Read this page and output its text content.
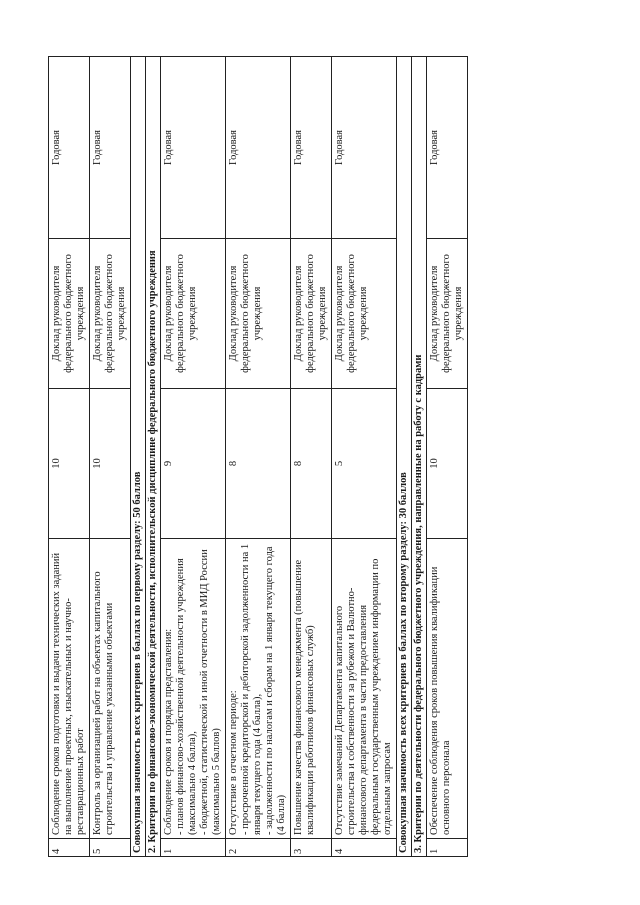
4	Соблюдение сроков подготовки и выдачи технических заданий на выполнение проектных, изыскательных и научно-реставрационных работ	10	Доклад руководителя федерального бюджетного учреждения	Годовая
5	Контроль за организацией работ на объектах капитального строительства и управление указанными объектами	10	Доклад руководителя федерального бюджетного учреждения	Годовая
Совокупная значимость всех критериев в баллах по первому разделу: 50 баллов				
2. Критерии по финансово-экономической деятельности, исполнительской дисциплине федерального бюджетного учреждения				
1	Соблюдение сроков и порядка представления: - планов финансово-хозяйственной деятельности учреждения (максимально 4 балла), - бюджетной, статистической и иной отчетности в МИД России (максимально 5 баллов)	9	Доклад руководителя федерального бюджетного учреждения	Годовая
2	Отсутствие в отчетном периоде: - просроченной кредиторской и дебиторской задолженности на 1 января текущего года (4 балла), - задолженности по налогам и сборам на 1 января текущего года (4 балла)	8	Доклад руководителя федерального бюджетного учреждения	Годовая
3	Повышение качества финансового менеджмента (повышение квалификации работников финансовых служб)	8	Доклад руководителя федерального бюджетного учреждения	Годовая
4	Отсутствие замечаний Департамента капитального строительства и собственности за рубежом и Валютно-финансового департамента в части предоставления федеральным государственным учреждением информации по отдельным запросам	5	Доклад руководителя федерального бюджетного учреждения	Годовая
Совокупная значимость всех критериев в баллах по второму разделу: 30 баллов				
3. Критерии по деятельности федерального бюджетного учреждения, направленные на работу с кадрами				
1	Обеспечение соблюдения сроков повышения квалификации основного персонала	10	Доклад руководителя федерального бюджетного учреждения	Годовая
